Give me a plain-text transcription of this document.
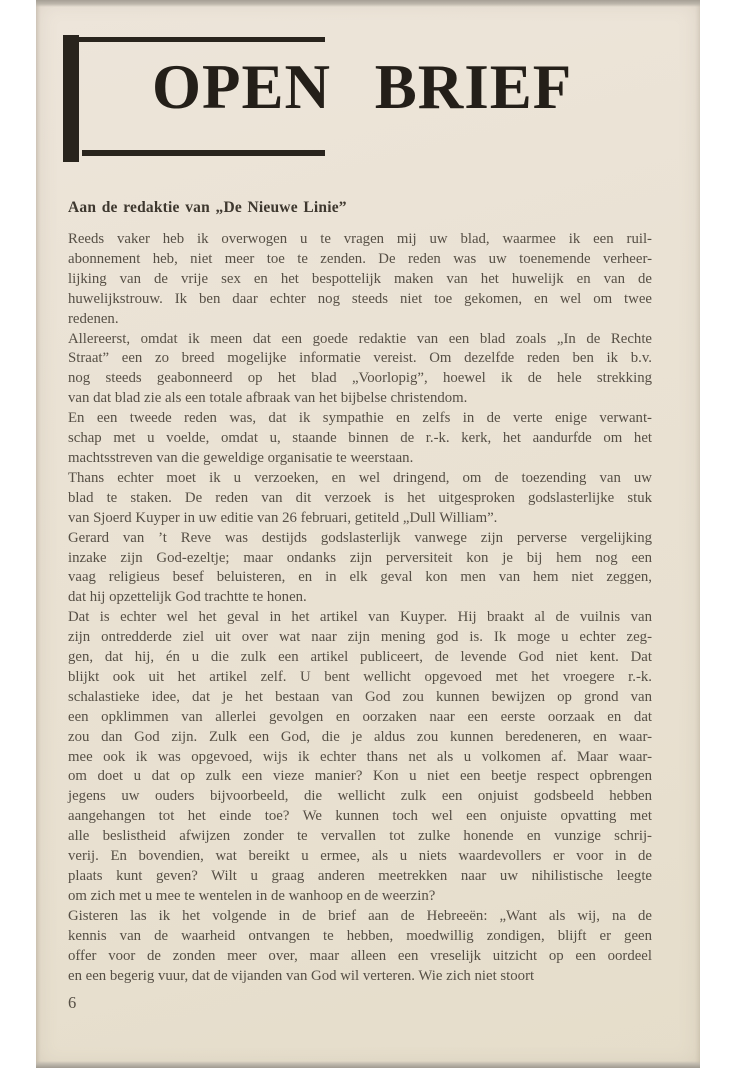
OPEN BRIEF

Aan de redaktie van „De Nieuwe Linie”

Reeds vaker heb ik overwogen u te vragen mij uw blad, waarmee ik een ruil-
abonnement heb, niet meer toe te zenden. De reden was uw toenemende verheer-
lijking van de vrije sex en het bespottelijk maken van het huwelijk en van de
huwelijkstrouw. Ik ben daar echter nog steeds niet toe gekomen, en wel om twee
redenen.

Allereerst, omdat ik meen dat een goede redaktie van een blad zoals „In de Rechte
Straat” een zo breed mogelijke informatie vereist. Om dezelfde reden ben ik b.v.
nog steeds geabonneerd op het blad „Voorlopig”, hoewel ik de hele strekking
van dat blad zie als een totale afbraak van het bijbelse christendom.

En een tweede reden was, dat ik sympathie en zelfs in de verte enige verwant-
schap met u voelde, omdat u, staande binnen de r.-k. kerk, het aandurfde om het
machtsstreven van die geweldige organisatie te weerstaan.

Thans echter moet ik u verzoeken, en wel dringend, om de toezending van uw
blad te staken. De reden van dit verzoek is het uitgesproken godslasterlijke stuk
van Sjoerd Kuyper in uw editie van 26 februari, getiteld „Dull William”.

Gerard van ’t Reve was destijds godslasterlijk vanwege zijn perverse vergelijking
inzake zijn God-ezeltje; maar ondanks zijn perversiteit kon je bij hem nog een
vaag religieus besef beluisteren, en in elk geval kon men van hem niet zeggen,
dat hij opzettelijk God trachtte te honen.

Dat is echter wel het geval in het artikel van Kuyper. Hij braakt al de vuilnis van
zijn ontredderde ziel uit over wat naar zijn mening god is. Ik moge u echter zeg-
gen, dat hij, én u die zulk een artikel publiceert, de levende God niet kent. Dat
blijkt ook uit het artikel zelf. U bent wellicht opgevoed met het vroegere r.-k.
schalastieke idee, dat je het bestaan van God zou kunnen bewijzen op grond van
een opklimmen van allerlei gevolgen en oorzaken naar een eerste oorzaak en dat
zou dan God zijn. Zulk een God, die je aldus zou kunnen beredeneren, en waar-
mee ook ik was opgevoed, wijs ik echter thans net als u volkomen af. Maar waar-
om doet u dat op zulk een vieze manier? Kon u niet een beetje respect opbrengen
jegens uw ouders bijvoorbeeld, die wellicht zulk een onjuist godsbeeld hebben
aangehangen tot het einde toe? We kunnen toch wel een onjuiste opvatting met
alle beslistheid afwijzen zonder te vervallen tot zulke honende en vunzige schrij-
verij. En bovendien, wat bereikt u ermee, als u niets waardevollers er voor in de
plaats kunt geven? Wilt u graag anderen meetrekken naar uw nihilistische leegte
om zich met u mee te wentelen in de wanhoop en de weerzin?

Gisteren las ik het volgende in de brief aan de Hebreeën: „Want als wij, na de
kennis van de waarheid ontvangen te hebben, moedwillig zondigen, blijft er geen
offer voor de zonden meer over, maar alleen een vreselijk uitzicht op een oordeel
en een begerig vuur, dat de vijanden van God wil verteren. Wie zich niet stoort

6
